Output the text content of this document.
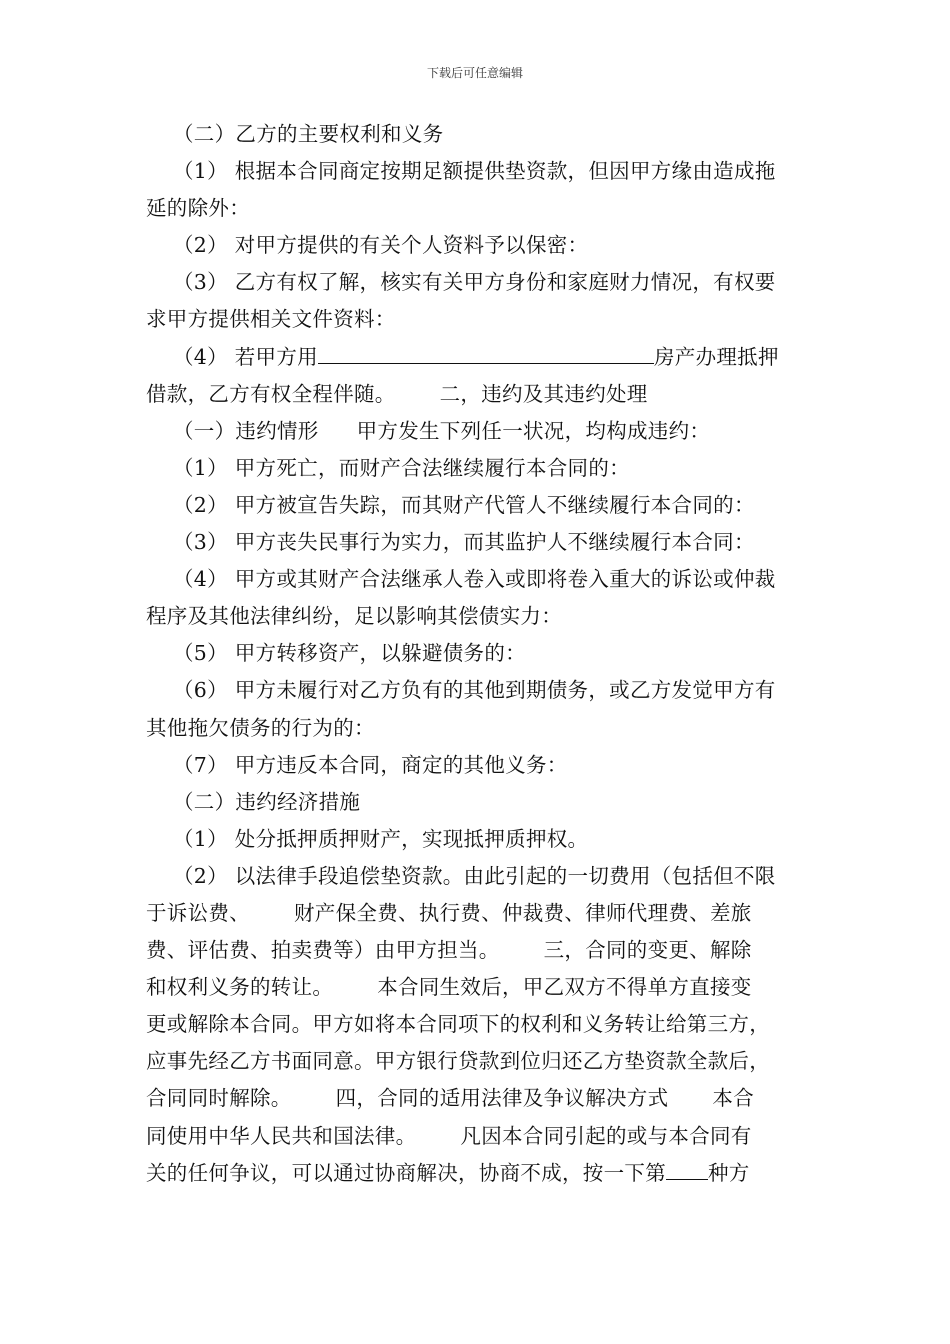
下载后可任意编辑
（二）乙方的主要权利和义务
（1） 根据本合同商定按期足额提供垫资款，但因甲方缘由造成拖
延的除外：
（2） 对甲方提供的有关个人资料予以保密：
（3） 乙方有权了解，核实有关甲方身份和家庭财力情况，有权要
求甲方提供相关文件资料：
（4） 若甲方用	房产办理抵押
借款，乙方有权全程伴随。 二，违约及其违约处理
（一）违约情形 甲方发生下列任一状况，均构成违约：
（1） 甲方死亡，而财产合法继续履行本合同的：
（2） 甲方被宣告失踪，而其财产代管人不继续履行本合同的：
（3） 甲方丧失民事行为实力，而其监护人不继续履行本合同：
（4） 甲方或其财产合法继承人卷入或即将卷入重大的诉讼或仲裁
程序及其他法律纠纷，足以影响其偿债实力：
（5） 甲方转移资产，以躲避债务的：
（6） 甲方未履行对乙方负有的其他到期债务，或乙方发觉甲方有
其他拖欠债务的行为的：
（7） 甲方违反本合同，商定的其他义务：
（二）违约经济措施
（1） 处分抵押质押财产，实现抵押质押权。
（2） 以法律手段追偿垫资款。由此引起的一切费用（包括但不限
于诉讼费、 财产保全费、执行费、仲裁费、律师代理费、差旅
费、评估费、拍卖费等）由甲方担当。 三，合同的变更、解除
和权利义务的转让。 本合同生效后，甲乙双方不得单方直接变
更或解除本合同。甲方如将本合同项下的权利和义务转让给第三方，
应事先经乙方书面同意。甲方银行贷款到位归还乙方垫资款全款后，
合同同时解除。 四，合同的适用法律及争议解决方式 本合
同使用中华人民共和国法律。 凡因本合同引起的或与本合同有
关的任何争议，可以通过协商解决，协商不成，按一下第 种方
